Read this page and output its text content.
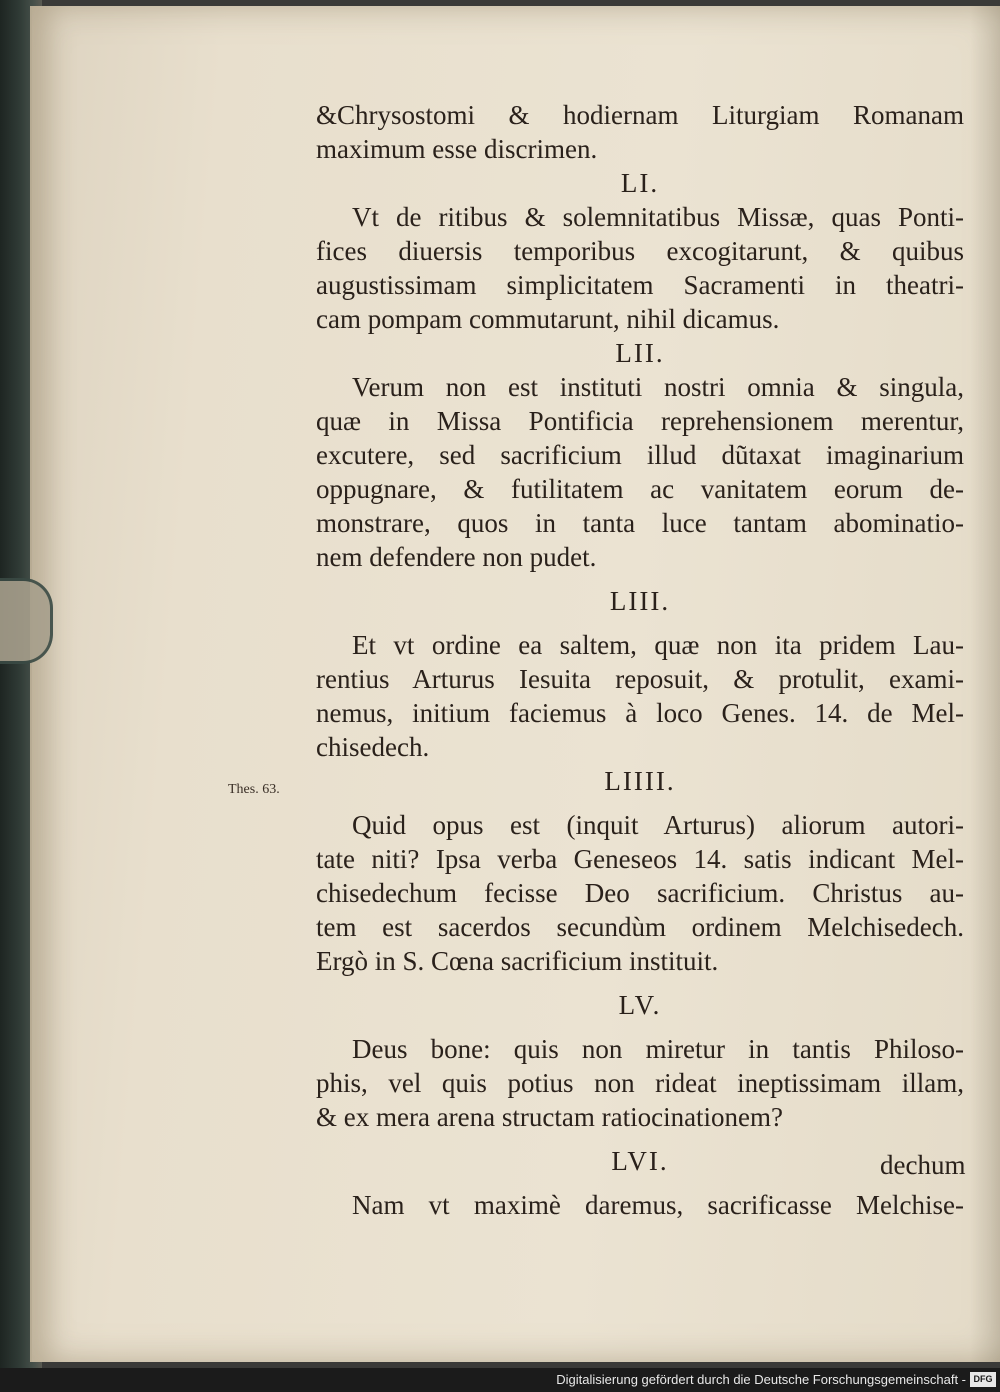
Thes. 63.
&Chrysostomi & hodiernam Liturgiam Romanam
maximum esse discrimen.
LI.
Vt de ritibus & solemnitatibus Missæ, quas Ponti-
fices diuersis temporibus excogitarunt, & quibus
augustissimam simplicitatem Sacramenti in theatri-
cam pompam commutarunt, nihil dicamus.
LII.
Verum non est instituti nostri omnia & singula,
quæ in Missa Pontificia reprehensionem merentur,
excutere, sed sacrificium illud dũtaxat imaginarium
oppugnare, & futilitatem ac vanitatem eorum de-
monstrare, quos in tanta luce tantam abominatio-
nem defendere non pudet.
LIII.
Et vt ordine ea saltem, quæ non ita pridem Lau-
rentius Arturus Iesuita reposuit, & protulit, exami-
nemus, initium faciemus à loco Genes. 14. de Mel-
chisedech.
LIIII.
Quid opus est (inquit Arturus) aliorum autori-
tate niti? Ipsa verba Geneseos 14. satis indicant Mel-
chisedechum fecisse Deo sacrificium. Christus au-
tem est sacerdos secundùm ordinem Melchisedech.
Ergò in S. Cœna sacrificium instituit.
LV.
Deus bone: quis non miretur in tantis Philoso-
phis, vel quis potius non rideat ineptissimam illam,
& ex mera arena structam ratiocinationem?
LVI.
Nam vt maximè daremus, sacrificasse Melchise-
dechum
Digitalisierung gefördert durch die Deutsche Forschungsgemeinschaft - DFG
